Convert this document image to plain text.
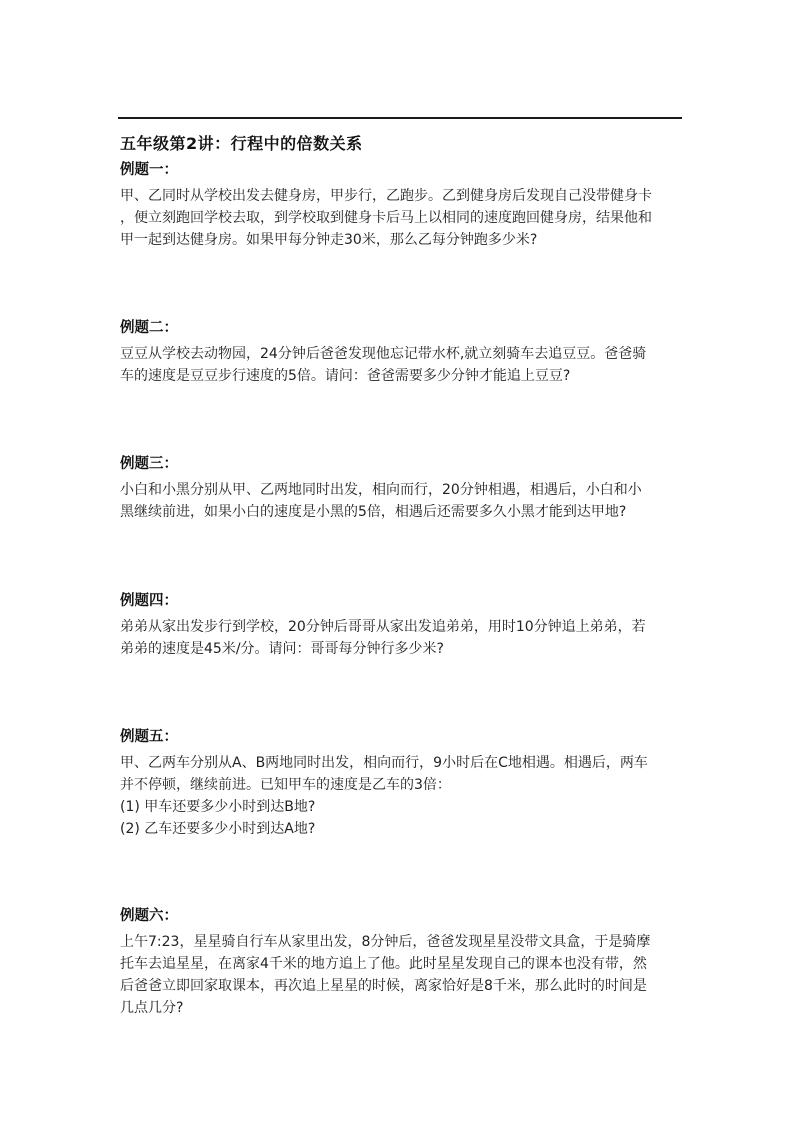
五年级第2讲：行程中的倍数关系
例题一：

甲、乙同时从学校出发去健身房，甲步行，乙跑步。乙到健身房后发现自己没带健身卡
，便立刻跑回学校去取，到学校取到健身卡后马上以相同的速度跑回健身房，结果他和
甲一起到达健身房。如果甲每分钟走30米，那么乙每分钟跑多少米?

例题二：

豆豆从学校去动物园，24分钟后爸爸发现他忘记带水杯,就立刻骑车去追豆豆。爸爸骑
车的速度是豆豆步行速度的5倍。请问：爸爸需要多少分钟才能追上豆豆?

例题三：

小白和小黑分别从甲、乙两地同时出发，相向而行，20分钟相遇，相遇后，小白和小
黑继续前进，如果小白的速度是小黑的5倍，相遇后还需要多久小黑才能到达甲地?

例题四：

弟弟从家出发步行到学校，20分钟后哥哥从家出发追弟弟，用时10分钟追上弟弟，若
弟弟的速度是45米/分。请问：哥哥每分钟行多少米?

例题五：

甲、乙两车分别从A、B两地同时出发，相向而行，9小时后在C地相遇。相遇后，两车
并不停顿，继续前进。已知甲车的速度是乙车的3倍：
(1) 甲车还要多少小时到达B地?
(2) 乙车还要多少小时到达A地?

例题六：

上午7:23，星星骑自行车从家里出发，8分钟后，爸爸发现星星没带文具盒，于是骑摩
托车去追星星，在离家4千米的地方追上了他。此时星星发现自己的课本也没有带，然
后爸爸立即回家取课本，再次追上星星的时候，离家恰好是8千米，那么此时的时间是
几点几分?
